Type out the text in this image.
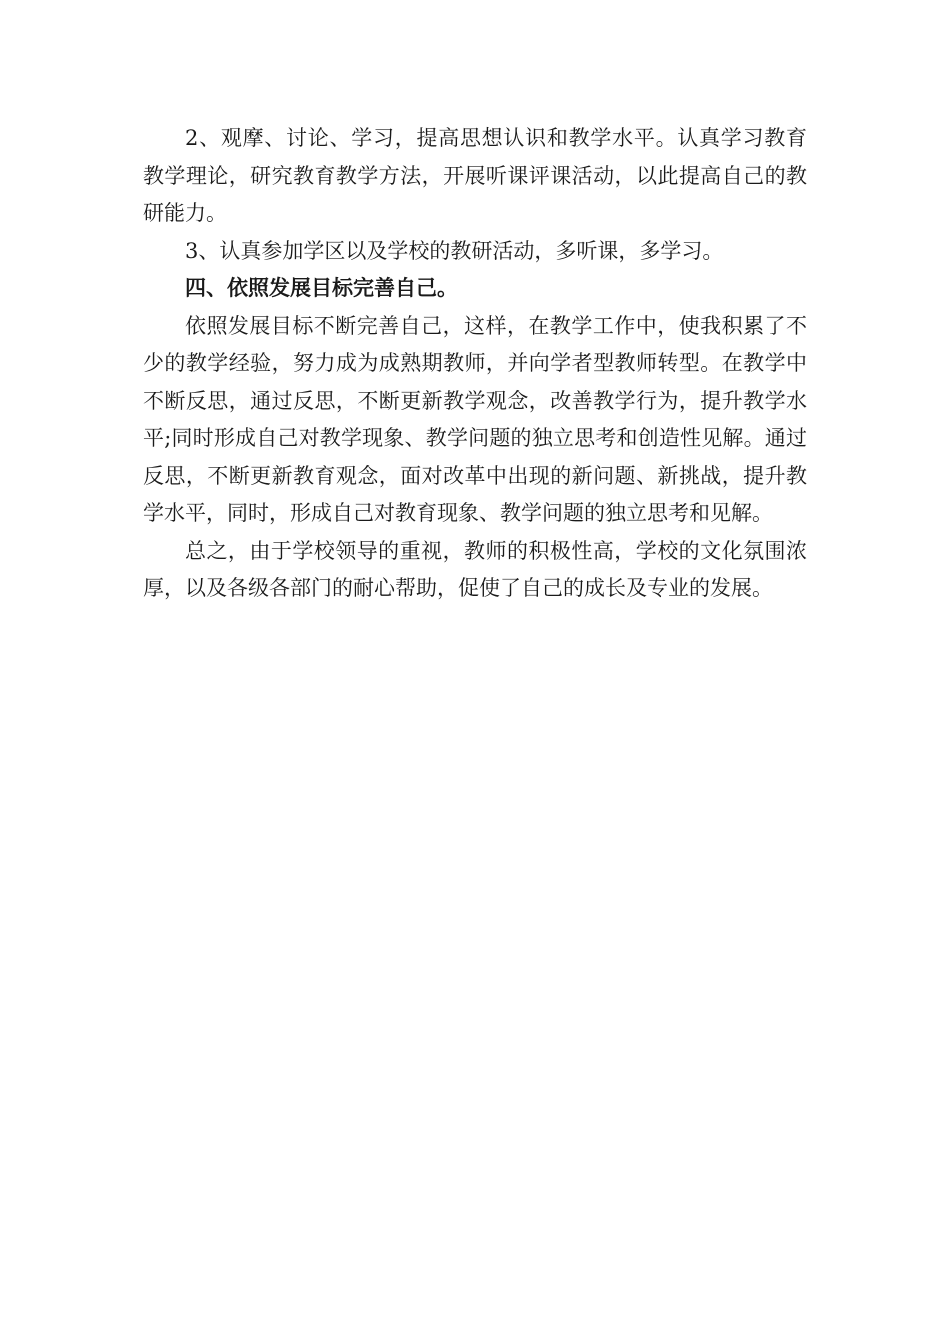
2、观摩、讨论、学习，提高思想认识和教学水平。认真学习教育教学理论，研究教育教学方法，开展听课评课活动，以此提高自己的教研能力。

3、认真参加学区以及学校的教研活动，多听课，多学习。

四、依照发展目标完善自己。

依照发展目标不断完善自己，这样，在教学工作中，使我积累了不少的教学经验，努力成为成熟期教师，并向学者型教师转型。在教学中不断反思，通过反思，不断更新教学观念，改善教学行为，提升教学水平;同时形成自己对教学现象、教学问题的独立思考和创造性见解。通过反思，不断更新教育观念，面对改革中出现的新问题、新挑战，提升教学水平，同时，形成自己对教育现象、教学问题的独立思考和见解。

总之，由于学校领导的重视，教师的积极性高，学校的文化氛围浓厚，以及各级各部门的耐心帮助，促使了自己的成长及专业的发展。
